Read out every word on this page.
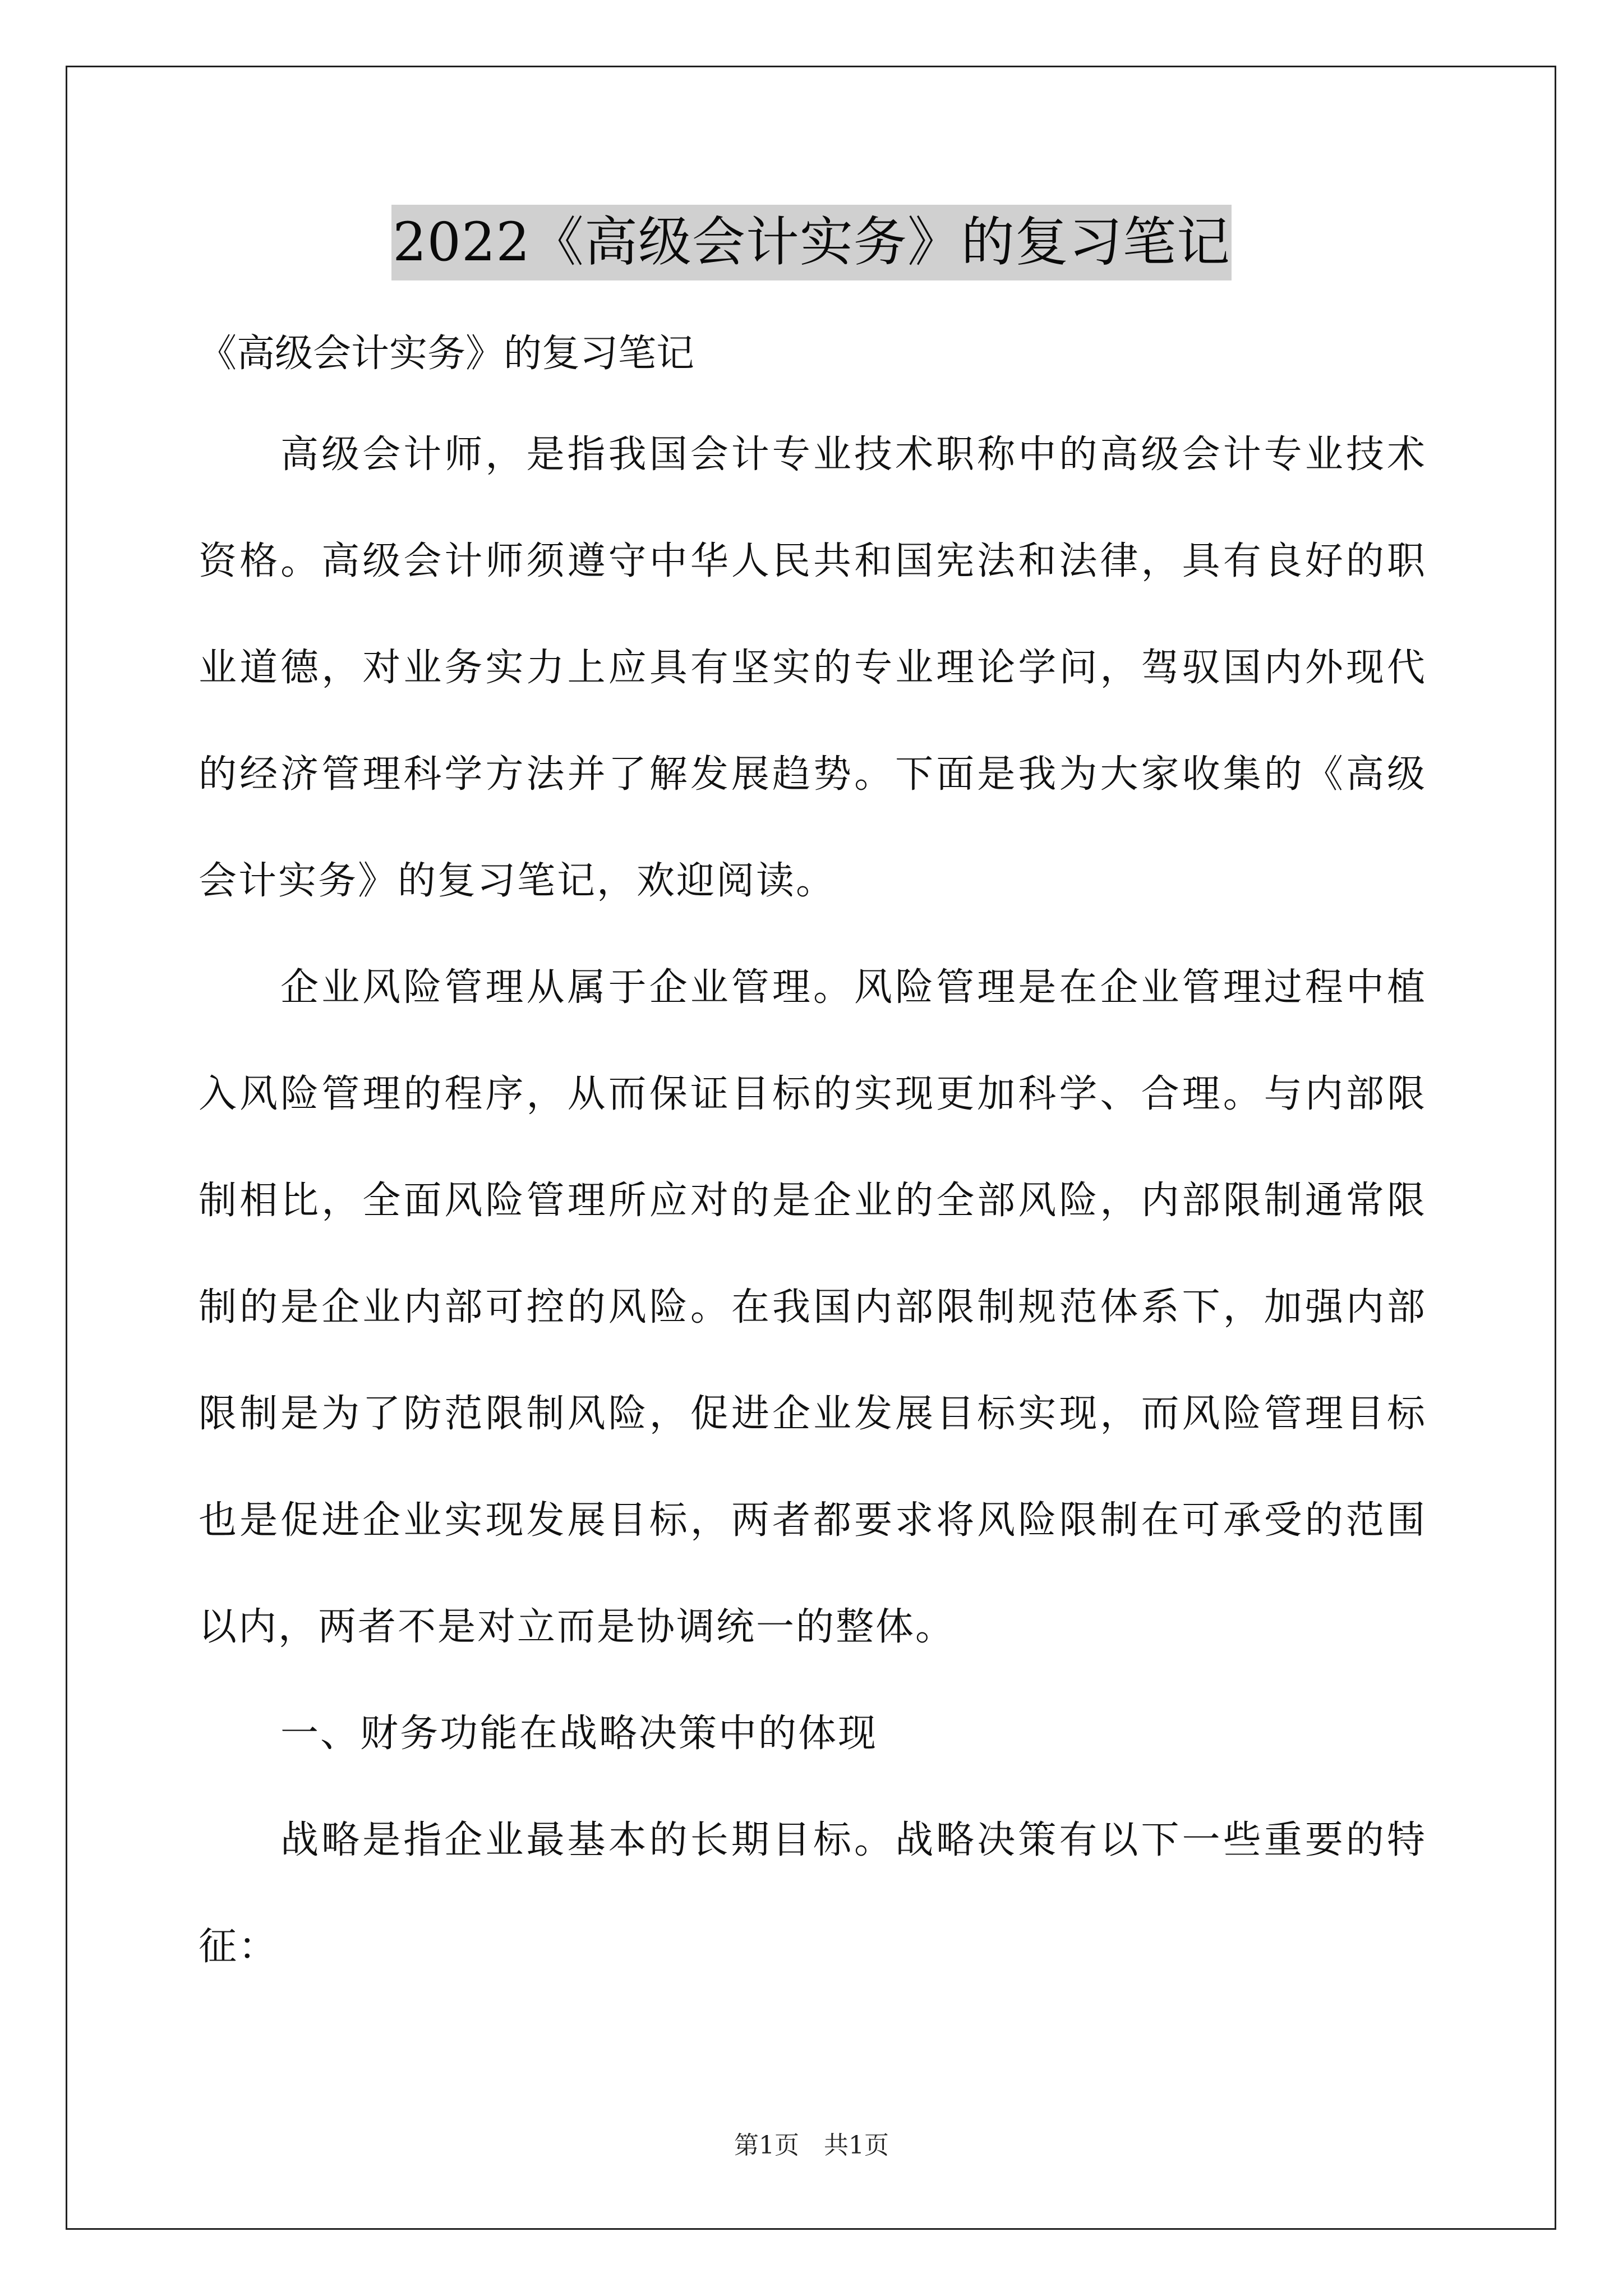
2022《高级会计实务》的复习笔记

《高级会计实务》的复习笔记

高级会计师，是指我国会计专业技术职称中的高级会计专业技术资格。高级会计师须遵守中华人民共和国宪法和法律，具有良好的职业道德，对业务实力上应具有坚实的专业理论学问，驾驭国内外现代的经济管理科学方法并了解发展趋势。下面是我为大家收集的《高级会计实务》的复习笔记，欢迎阅读。

企业风险管理从属于企业管理。风险管理是在企业管理过程中植入风险管理的程序，从而保证目标的实现更加科学、合理。与内部限制相比，全面风险管理所应对的是企业的全部风险，内部限制通常限制的是企业内部可控的风险。在我国内部限制规范体系下，加强内部限制是为了防范限制风险，促进企业发展目标实现，而风险管理目标也是促进企业实现发展目标，两者都要求将风险限制在可承受的范围以内，两者不是对立而是协调统一的整体。

一、财务功能在战略决策中的体现

战略是指企业最基本的长期目标。战略决策有以下一些重要的特征：

第1页 共1页
